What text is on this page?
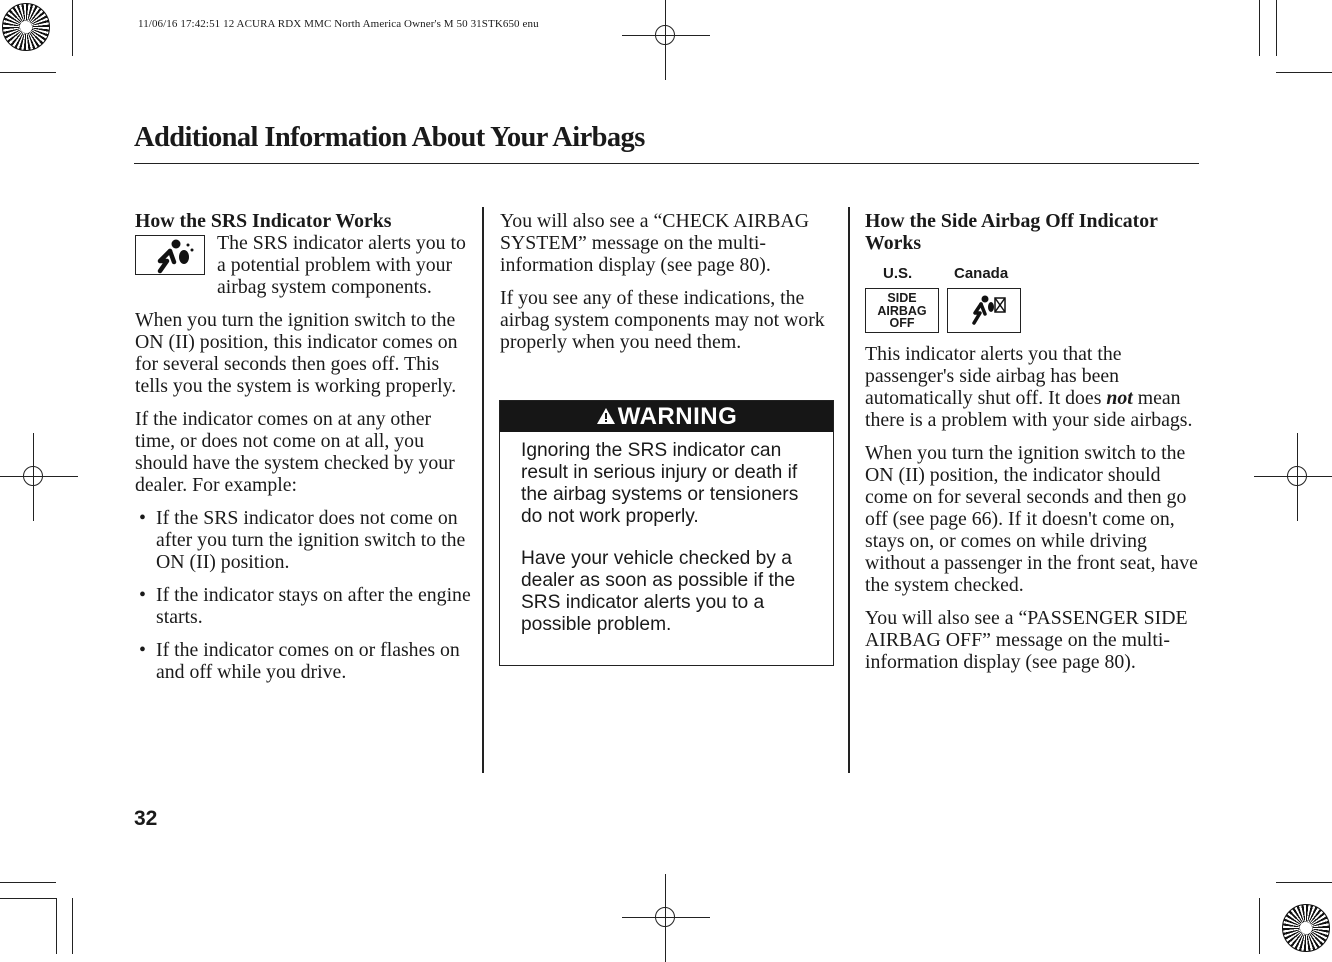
11/06/16 17:42:51 12 ACURA RDX MMC North America Owner's M 50 31STK650 enu
Additional Information About Your Airbags
How the SRS Indicator Works

The SRS indicator alerts you to a potential problem with your airbag system components.

When you turn the ignition switch to the ON (II) position, this indicator comes on for several seconds then goes off. This tells you the system is working properly.

If the indicator comes on at any other time, or does not come on at all, you should have the system checked by your dealer. For example:

• If the SRS indicator does not come on after you turn the ignition switch to the ON (II) position.
• If the indicator stays on after the engine starts.
• If the indicator comes on or flashes on and off while you drive.

You will also see a “CHECK AIRBAG SYSTEM” message on the multi-information display (see page 80).

If you see any of these indications, the airbag system components may not work properly when you need them.

WARNING

Ignoring the SRS indicator can result in serious injury or death if the airbag systems or tensioners do not work properly.

Have your vehicle checked by a dealer as soon as possible if the SRS indicator alerts you to a possible problem.

How the Side Airbag Off Indicator Works
U.S.	Canada
SIDE
AIRBAG
OFF

This indicator alerts you that the passenger's side airbag has been automatically shut off. It does not mean there is a problem with your side airbags.

When you turn the ignition switch to the ON (II) position, the indicator should come on for several seconds and then go off (see page 66). If it doesn't come on, stays on, or comes on while driving without a passenger in the front seat, have the system checked.

You will also see a “PASSENGER SIDE AIRBAG OFF” message on the multi-information display (see page 80).

32
